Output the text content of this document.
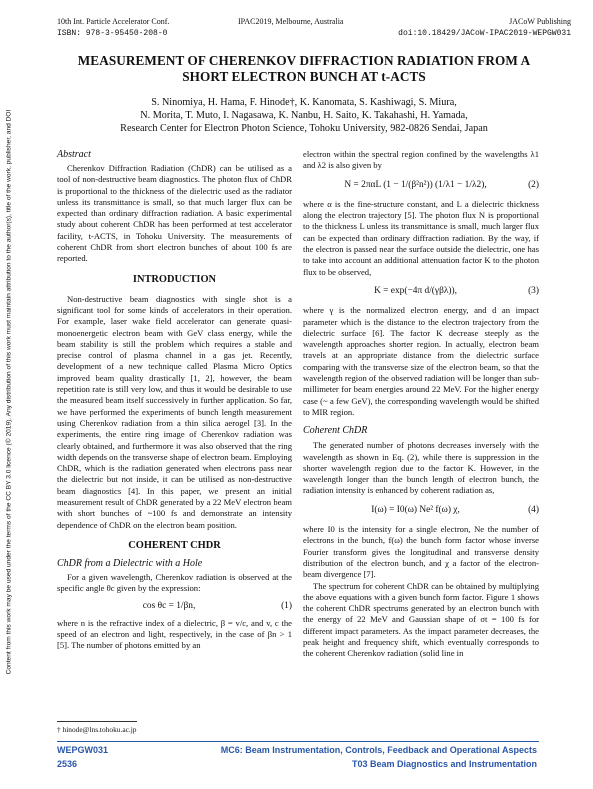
10th Int. Particle Accelerator Conf.	IPAC2019, Melbourne, Australia	JACoW Publishing
ISBN: 978-3-95450-208-0	doi:10.18429/JACoW-IPAC2019-WEPGW031
Content from this work may be used under the terms of the CC BY 3.0 licence (© 2019). Any distribution of this work must maintain attribution to the author(s), title of the work, publisher, and DOI
MEASUREMENT OF CHERENKOV DIFFRACTION RADIATION FROM A
SHORT ELECTRON BUNCH AT t-ACTS
S. Ninomiya, H. Hama, F. Hinode†, K. Kanomata, S. Kashiwagi, S. Miura,
N. Morita, T. Muto, I. Nagasawa, K. Nanbu, H. Saito, K. Takahashi, H. Yamada,
Research Center for Electron Photon Science, Tohoku University, 982-0826 Sendai, Japan
Abstract

Cherenkov Diffraction Radiation (ChDR) can be utilised as a tool of non-destructive beam diagnostics. The photon flux of ChDR is proportional to the thickness of the dielectric used as the radiator unless its transmittance is small, so that much larger flux can be expected than ordinary diffraction radiation. A basic experimental study about coherent ChDR has been performed at test accelerator facility, t-ACTS, in Tohoku University. The measurements of coherent ChDR from short electron bunches of about 100 fs are reported.

INTRODUCTION

Non-destructive beam diagnostics with single shot is a significant tool for some kinds of accelerators in their operation. For example, laser wake field accelerator can generate quasi-monoenergetic electron beam with GeV class energy, while the beam stability is still the problem which requires a stable and precise control of plasma channel in a gas jet. Recently, development of a new technique called Plasma Micro Optics improved beam quality drastically [1, 2], however, the beam repetition rate is still very low, and thus it would be desirable to use the measured beam itself successively in further application. So far, we have performed the experiments of bunch length measurement using Cherenkov radiation from a thin silica aerogel [3]. In the experiments, the entire ring image of Cherenkov radiation was clearly obtained, and furthermore it was also observed that the ring width depends on the transverse shape of electron beam. Employing ChDR, which is the radiation generated when electrons pass near the dielectric but not inside, it can be utilised as non-destructive beam diagnostics [4]. In this paper, we present an initial measurement result of ChDR generated by a 22 MeV electron beam with short bunches of ~100 fs and demonstrate an intensity dependence of ChDR on the electron beam position.

COHERENT CHDR
ChDR from a Dielectric with a Hole

For a given wavelength, Cherenkov radiation is observed at the specific angle θc given by the expression:

cos θc = 1/βn,	(1)

where n is the refractive index of a dielectric, β = v/c, and v, c the speed of an electron and light, respectively, in the case of βn > 1 [5]. The number of photons emitted by an

† hinode@lns.tohoku.ac.jp

electron within the spectral region confined by the wavelengths λ1 and λ2 is also given by

N = 2παL (1 − 1/(β²n²)) (1/λ1 − 1/λ2),	(2)

where α is the fine-structure constant, and L a dielectric thickness along the electron trajectory [5]. The photon flux N is proportional to the thickness L unless its transmittance is small, much larger flux can be expected than ordinary diffraction radiation. By the way, if the electron is passed near the surface outside the dielectric, one has to take into account an additional attenuation factor K to the photon flux to be observed,

K = exp(−4π d/(γβλ)),	(3)

where γ is the normalized electron energy, and d an impact parameter which is the distance to the electron trajectory from the dielectric surface [6]. The factor K decrease steeply as the wavelength approaches shorter region. In actually, electron beam travels at an appropriate distance from the dielectric surface comparing with the transverse size of the electron beam, so that the wavelength region of the observed radiation will be longer than sub-millimeter for beam energies around 22 MeV. For the higher energy case (~ a few GeV), the corresponding wavelength would be shifted to MIR region.

Coherent ChDR

The generated number of photons decreases inversely with the wavelength as shown in Eq. (2), while there is suppression in the shorter wavelength region due to the factor K. However, in the wavelength longer than the bunch length of electron bunch, the radiation intensity is enhanced by coherent radiation as,

I(ω) = I0(ω) Ne² f(ω) χ,	(4)

where I0 is the intensity for a single electron, Ne the number of electrons in the bunch, f(ω) the bunch form factor whose inverse Fourier transform gives the longitudinal and transverse density distribution of the electron bunch, and χ a factor of the electron-beam divergence [7].

The spectrum for coherent ChDR can be obtained by multiplying the above equations with a given bunch form factor. Figure 1 shows the coherent ChDR spectrums generated by an electron bunch with the energy of 22 MeV and Gaussian shape of σt = 100 fs for different impact parameters. As the impact parameter decreases, the peak height and frequency shift, which eventually corresponds to the coherent Cherenkov radiation (solid line in

WEPGW031
2536
MC6: Beam Instrumentation, Controls, Feedback and Operational Aspects
T03 Beam Diagnostics and Instrumentation
